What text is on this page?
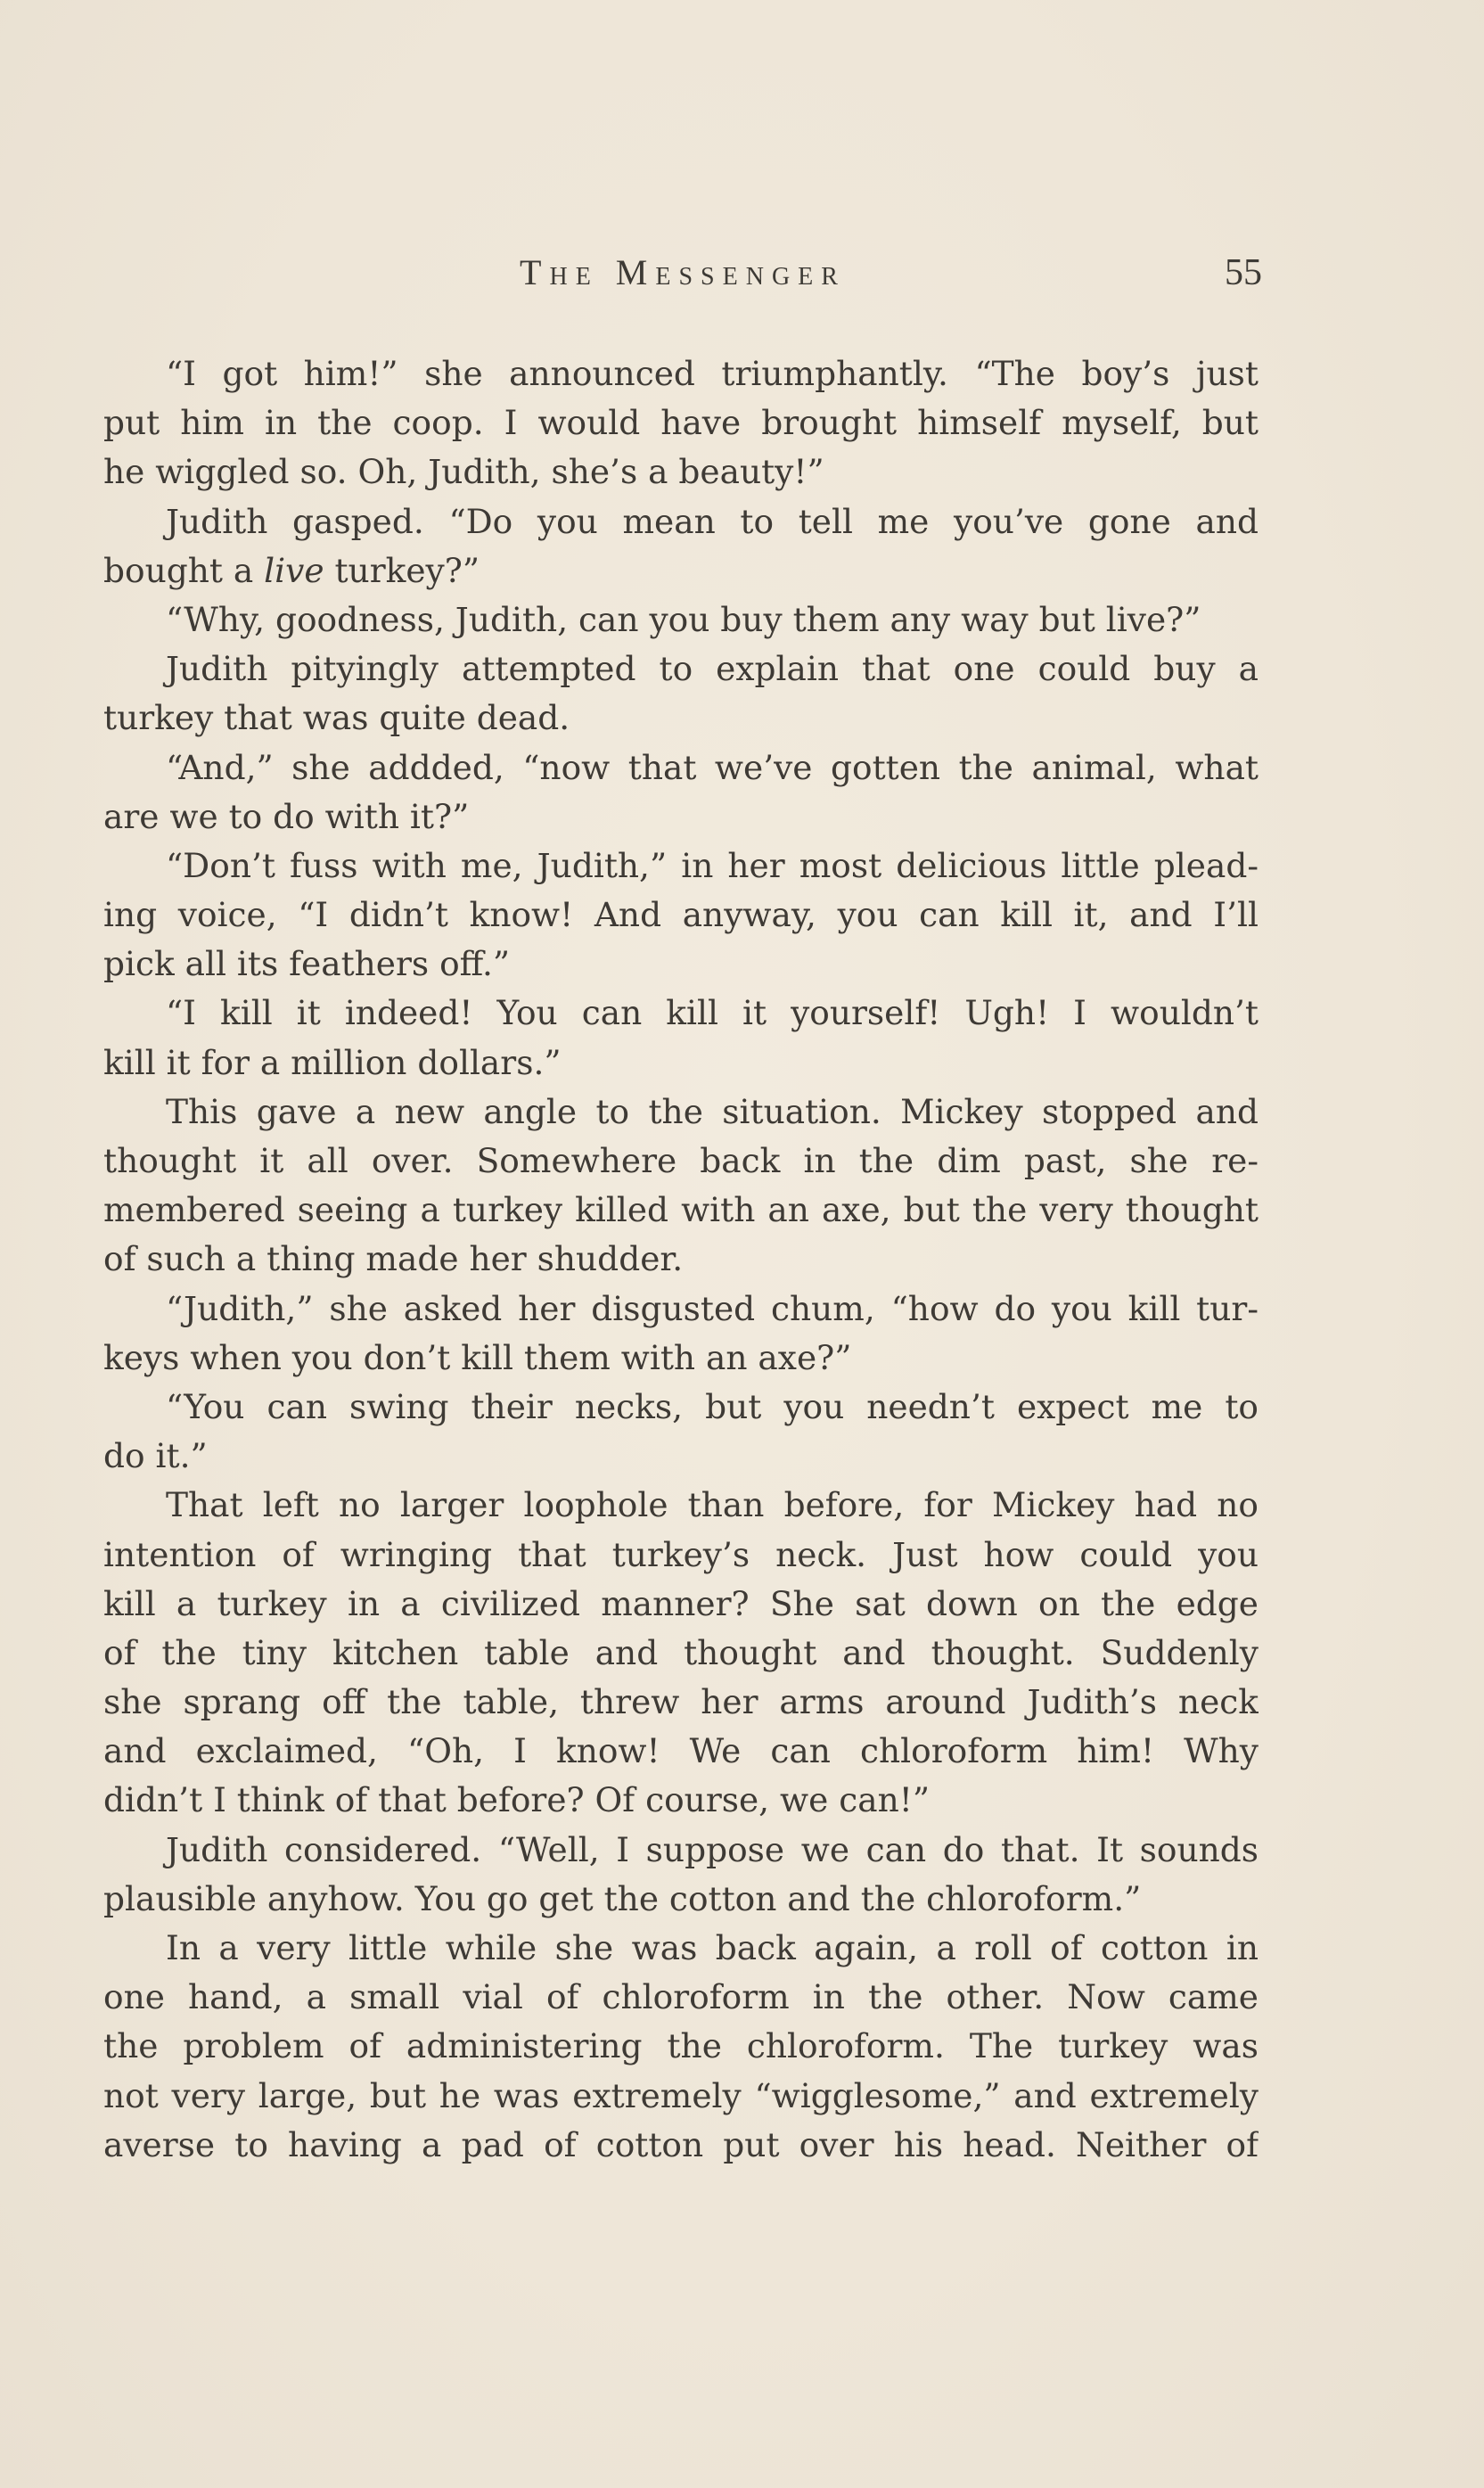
The Messenger	55
“I got him!” she announced triumphantly. “The boy’s just
put him in the coop. I would have brought himself myself, but
he wiggled so. Oh, Judith, she’s a beauty!”
Judith gasped. “Do you mean to tell me you’ve gone and
bought a live turkey?”
“Why, goodness, Judith, can you buy them any way but live?”
Judith pityingly attempted to explain that one could buy a
turkey that was quite dead.
“And,” she addded, “now that we’ve gotten the animal, what
are we to do with it?”
“Don’t fuss with me, Judith,” in her most delicious little plead-
ing voice, “I didn’t know! And anyway, you can kill it, and I’ll
pick all its feathers off.”
“I kill it indeed! You can kill it yourself! Ugh! I wouldn’t
kill it for a million dollars.”
This gave a new angle to the situation. Mickey stopped and
thought it all over. Somewhere back in the dim past, she re-
membered seeing a turkey killed with an axe, but the very thought
of such a thing made her shudder.
“Judith,” she asked her disgusted chum, “how do you kill tur-
keys when you don’t kill them with an axe?”
“You can swing their necks, but you needn’t expect me to
do it.”
That left no larger loophole than before, for Mickey had no
intention of wringing that turkey’s neck. Just how could you
kill a turkey in a civilized manner? She sat down on the edge
of the tiny kitchen table and thought and thought. Suddenly
she sprang off the table, threw her arms around Judith’s neck
and exclaimed, “Oh, I know! We can chloroform him! Why
didn’t I think of that before? Of course, we can!”
Judith considered. “Well, I suppose we can do that. It sounds
plausible anyhow. You go get the cotton and the chloroform.”
In a very little while she was back again, a roll of cotton in
one hand, a small vial of chloroform in the other. Now came
the problem of administering the chloroform. The turkey was
not very large, but he was extremely “wigglesome,” and extremely
averse to having a pad of cotton put over his head. Neither of
